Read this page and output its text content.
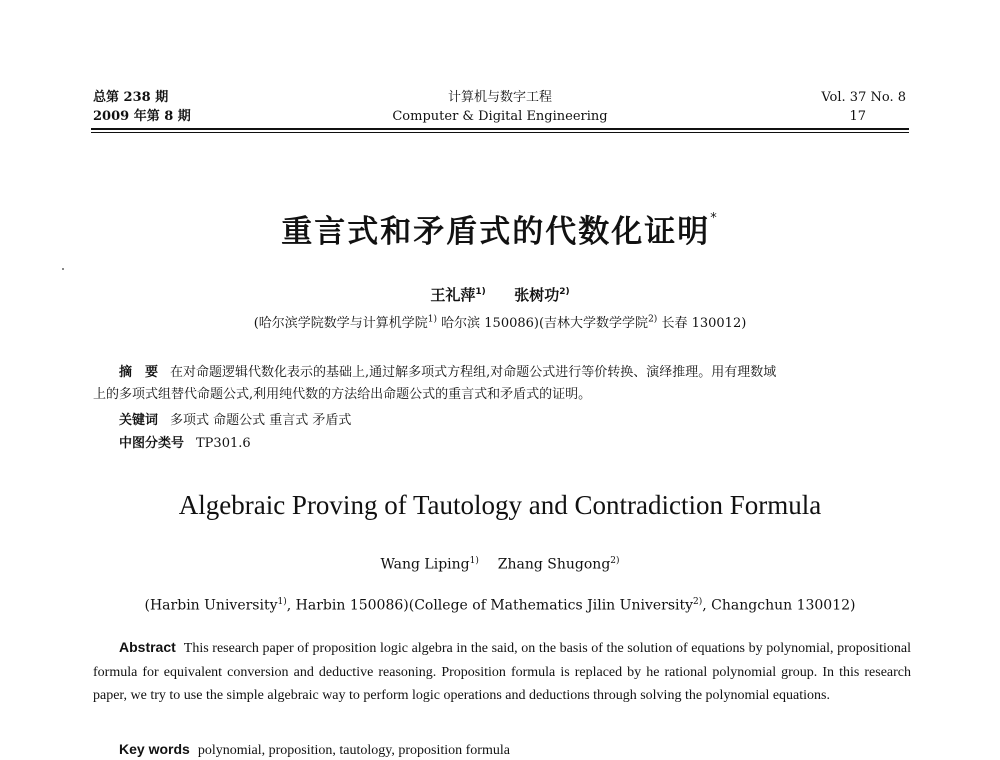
总第 238 期
2009 年第 8 期
计算机与数字工程
Computer & Digital Engineering
Vol. 37 No. 8
17
重言式和矛盾式的代数化证明*
王礼萍$^{1)}$ 张树功$^{2)}$
(哈尔滨学院数学与计算机学院$^{1)}$ 哈尔滨 150086)(吉林大学数学学院$^{2)}$ 长春 130012)
摘　要 在对命题逻辑代数化表示的基础上,通过解多项式方程组,对命题公式进行等价转换、演绎推理。用有理数域
上的多项式组替代命题公式,利用纯代数的方法给出命题公式的重言式和矛盾式的证明。
关键词 多项式 命题公式 重言式 矛盾式
中图分类号 TP301.6
Algebraic Proving of Tautology and Contradiction Formula
Wang Liping$^{1)}$ Zhang Shugong$^{2)}$
(Harbin University$^{1)}$, Harbin 150086)(College of Mathematics Jilin University$^{2)}$, Changchun 130012)
Abstract This research paper of proposition logic algebra in the said, on the basis of the solution of equations by polynomial, propositional formula for equivalent conversion and deductive reasoning. Proposition formula is replaced by he rational polynomial group. In this research paper, we try to use the simple algebraic way to perform logic operations and deductions through solving the polynomial equations.
Key words polynomial, proposition, tautology, proposition formula
